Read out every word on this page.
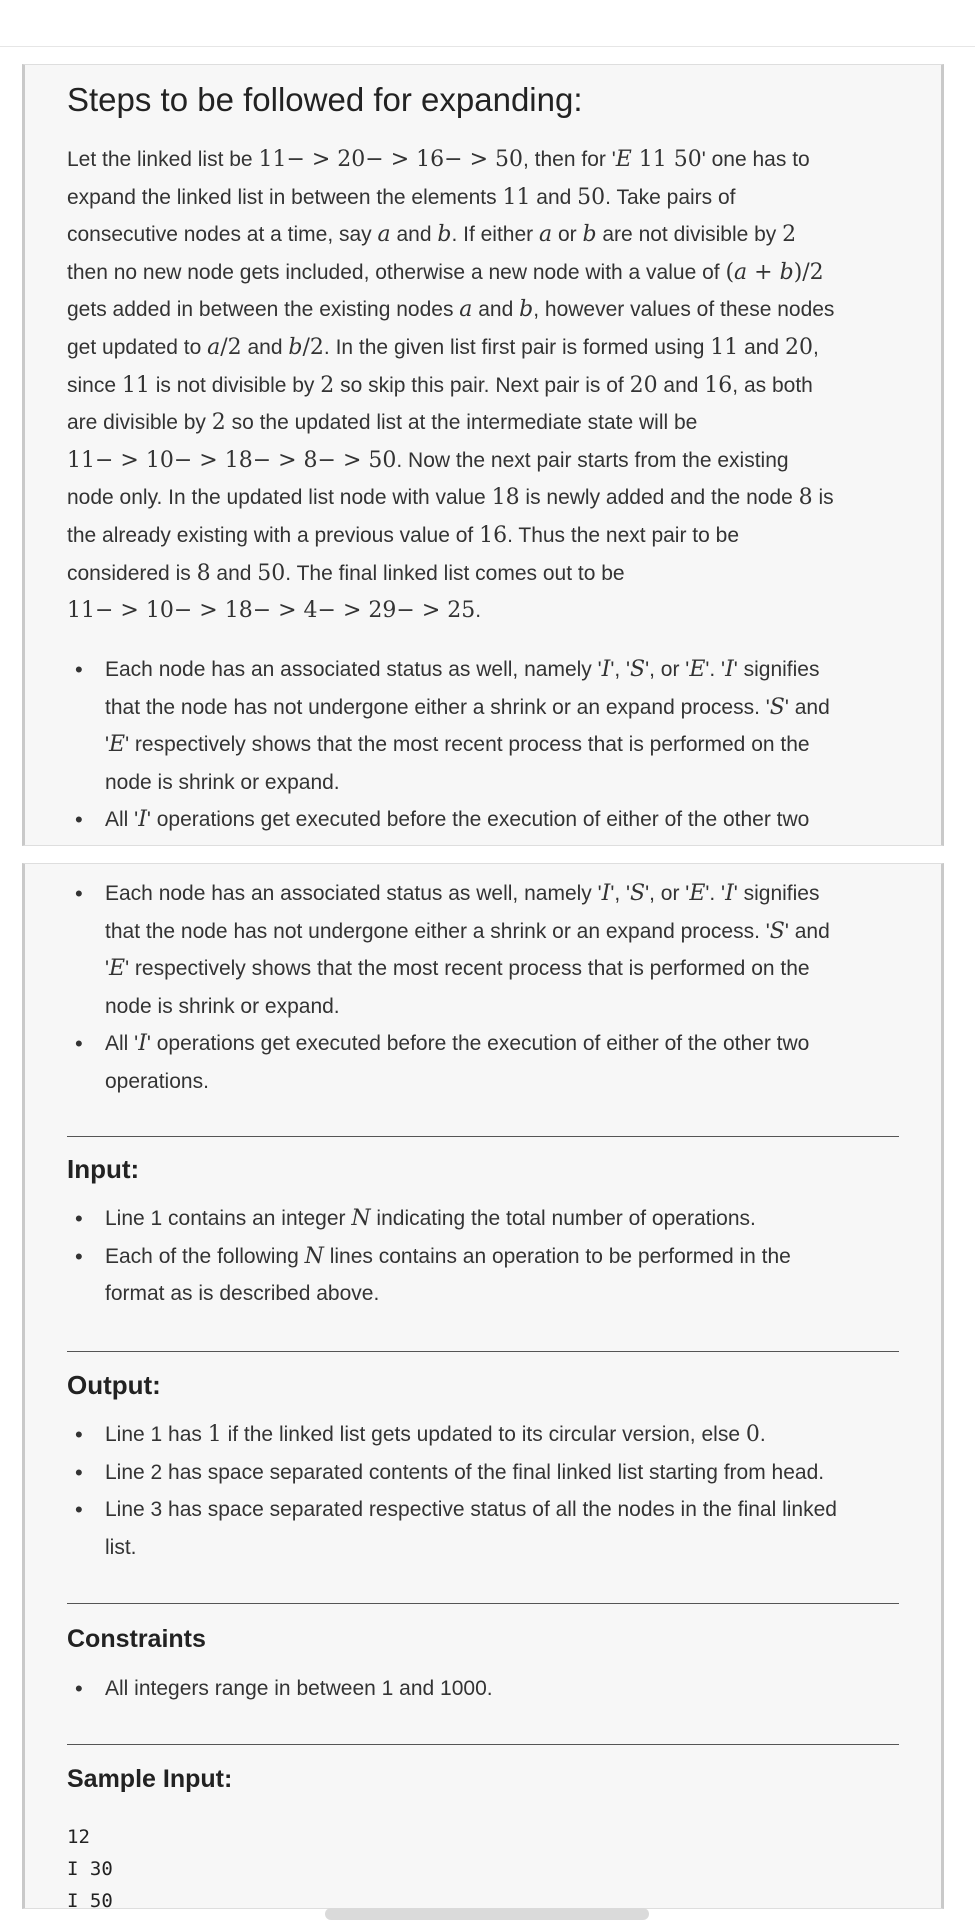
Steps to be followed for expanding:
Let the linked list be 11− > 20− > 16− > 50, then for 'E 11 50' one has to
expand the linked list in between the elements 11 and 50. Take pairs of
consecutive nodes at a time, say a and b. If either a or b are not divisible by 2
then no new node gets included, otherwise a new node with a value of (a + b)/2
gets added in between the existing nodes a and b, however values of these nodes
get updated to a/2 and b/2. In the given list first pair is formed using 11 and 20,
since 11 is not divisible by 2 so skip this pair. Next pair is of 20 and 16, as both
are divisible by 2 so the updated list at the intermediate state will be
11− > 10− > 18− > 8− > 50. Now the next pair starts from the existing
node only. In the updated list node with value 18 is newly added and the node 8 is
the already existing with a previous value of 16. Thus the next pair to be
considered is 8 and 50. The final linked list comes out to be
11− > 10− > 18− > 4− > 29− > 25.
• Each node has an associated status as well, namely 'I', 'S', or 'E'. 'I' signifies
that the node has not undergone either a shrink or an expand process. 'S' and
'E' respectively shows that the most recent process that is performed on the
node is shrink or expand.
• All 'I' operations get executed before the execution of either of the other two
• Each node has an associated status as well, namely 'I', 'S', or 'E'. 'I' signifies
that the node has not undergone either a shrink or an expand process. 'S' and
'E' respectively shows that the most recent process that is performed on the
node is shrink or expand.
• All 'I' operations get executed before the execution of either of the other two
operations.
Input:
• Line 1 contains an integer N indicating the total number of operations.
• Each of the following N lines contains an operation to be performed in the
format as is described above.
Output:
• Line 1 has 1 if the linked list gets updated to its circular version, else 0.
• Line 2 has space separated contents of the final linked list starting from head.
• Line 3 has space separated respective status of all the nodes in the final linked
list.
Constraints
• All integers range in between 1 and 1000.
Sample Input:
12
I 30
I 50
